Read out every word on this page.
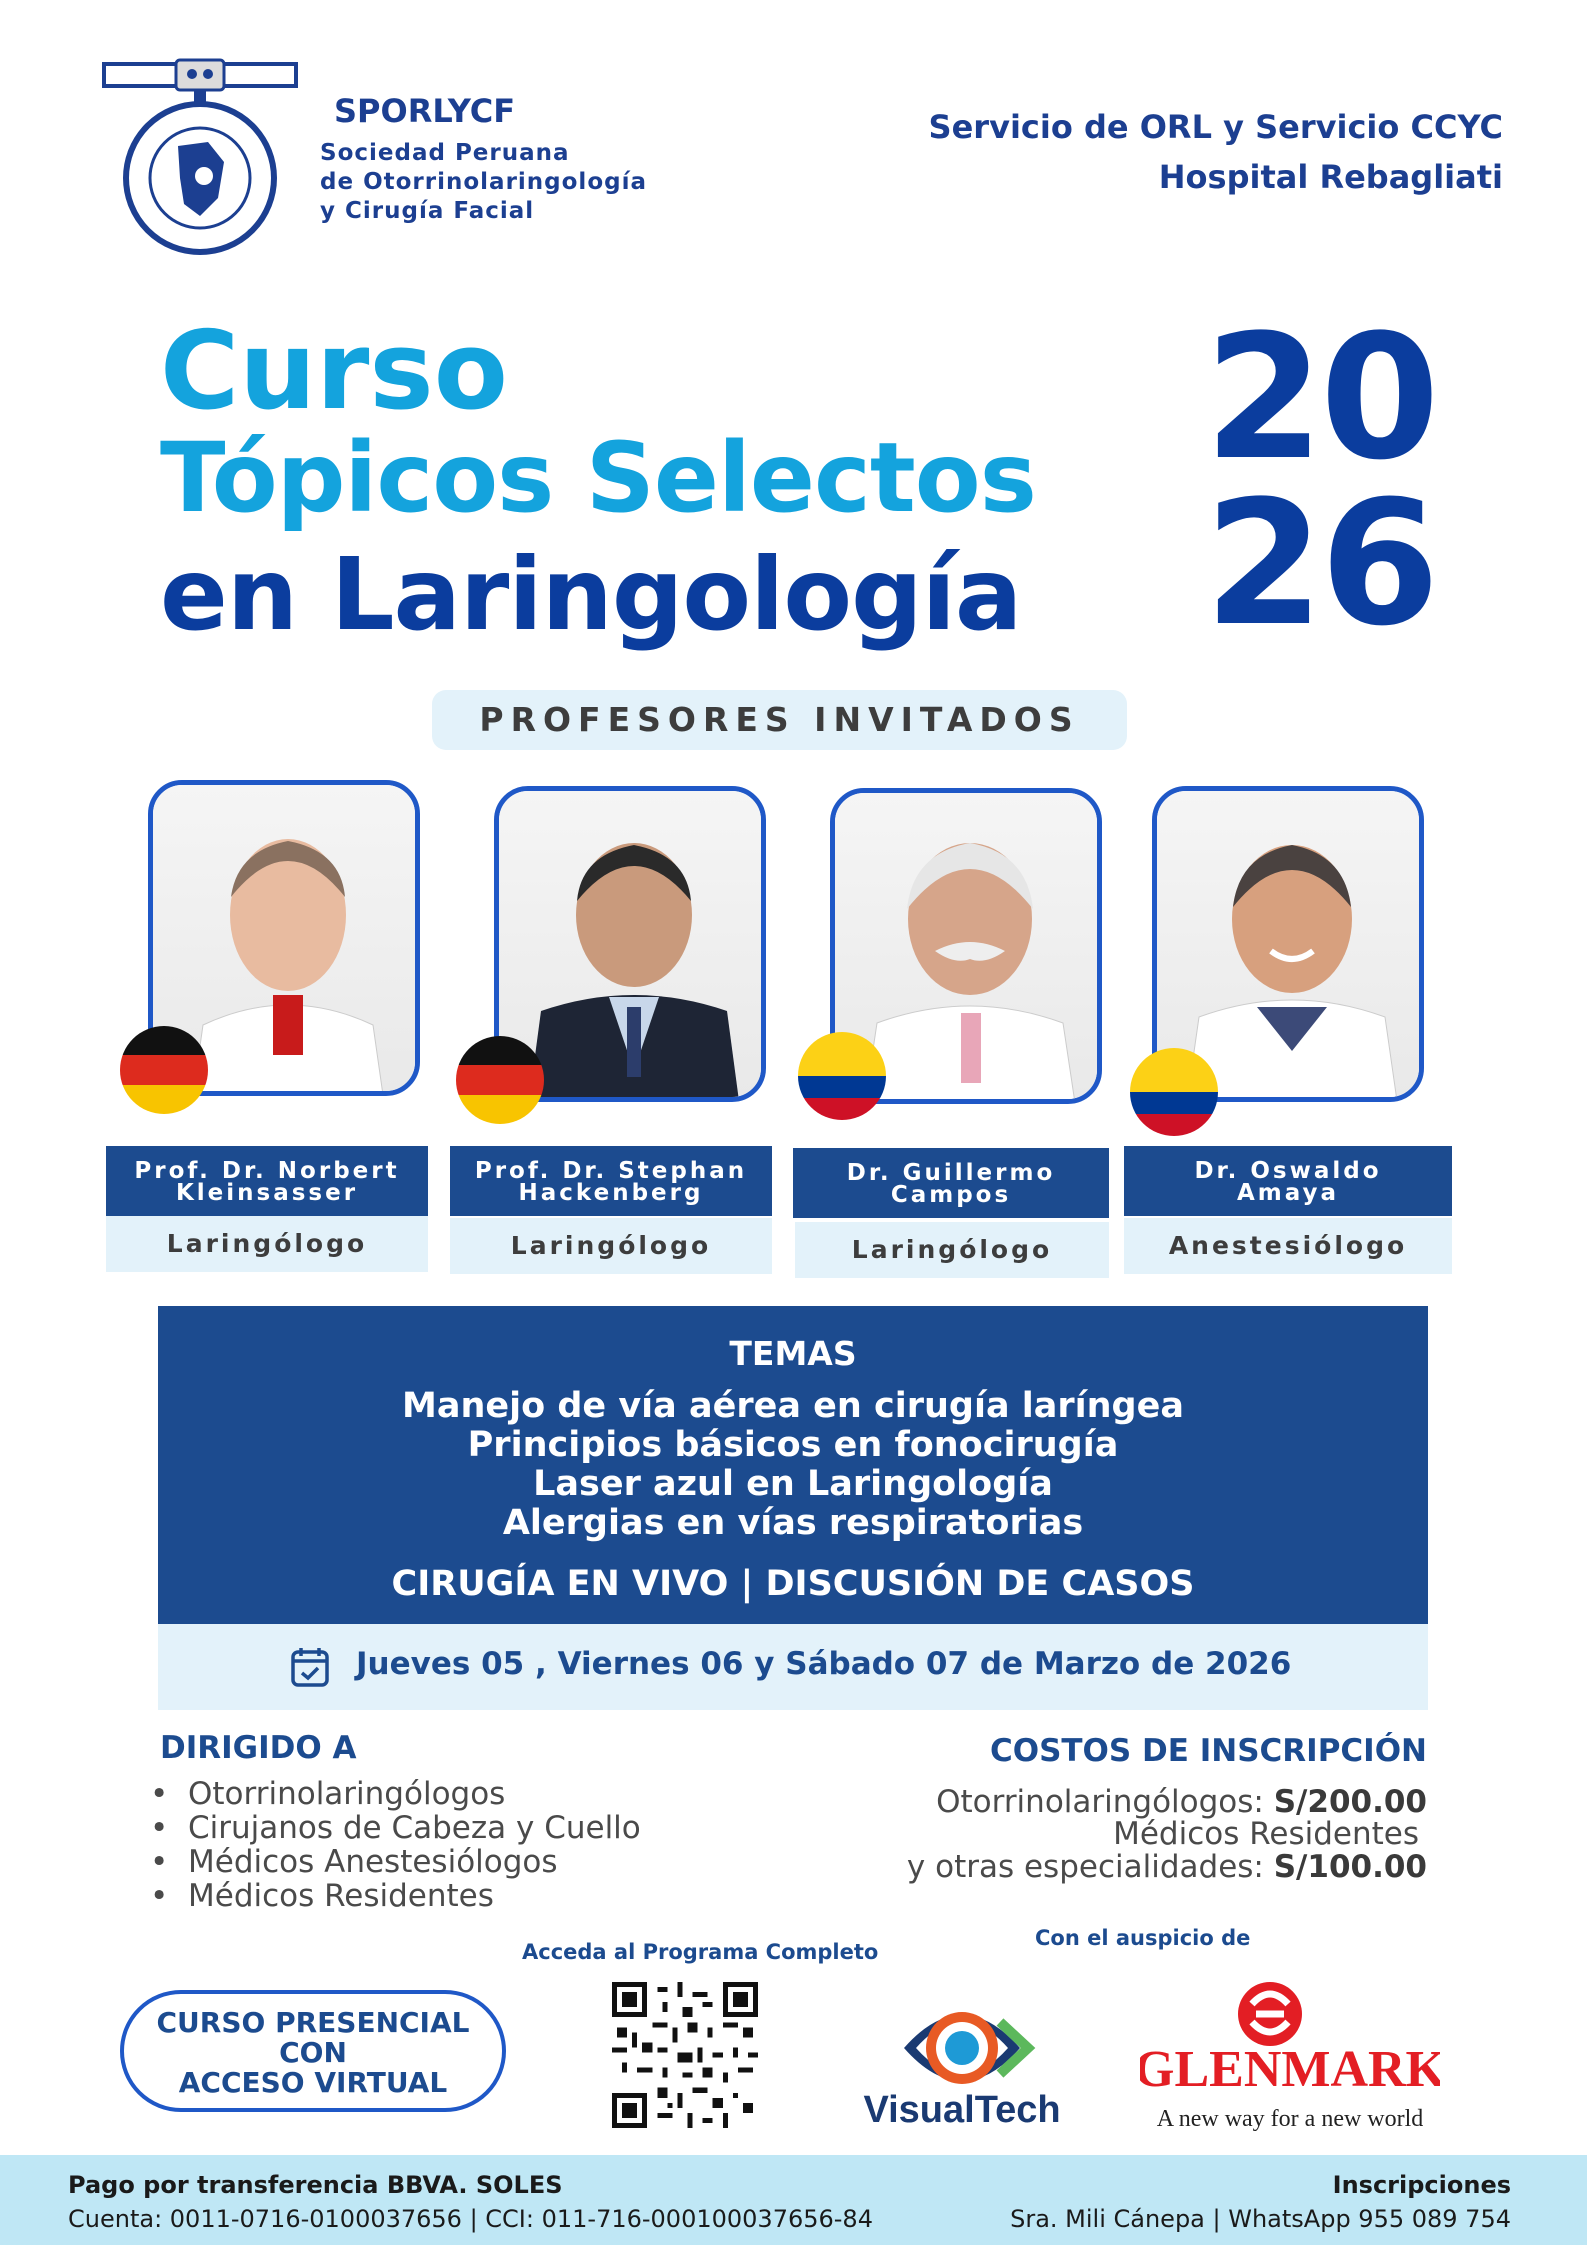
SPORLYCF
Sociedad Peruana
de Otorrinolaringología
y Cirugía Facial
Servicio de ORL y Servicio CCYC
Hospital Rebagliati
Curso
Tópicos Selectos
en Laringología
20
26
PROFESORES INVITADOS
Prof. Dr. Norbert
Kleinsasser
Laringólogo
Prof. Dr. Stephan
Hackenberg
Laringólogo
Dr. Guillermo
Campos
Laringólogo
Dr. Oswaldo
Amaya
Anestesiólogo
TEMAS
Manejo de vía aérea en cirugía laríngea
Principios básicos en fonocirugía
Laser azul en Laringología
Alergias en vías respiratorias
CIRUGÍA EN VIVO | DISCUSIÓN DE CASOS
Jueves 05 , Viernes 06 y Sábado 07 de Marzo de 2026
DIRIGIDO A
•  Otorrinolaringólogos
•  Cirujanos de Cabeza y Cuello
•  Médicos Anestesiólogos
•  Médicos Residentes
COSTOS DE INSCRIPCIÓN
Otorrinolaringólogos: S/200.00
Médicos Residentes
y otras especialidades: S/100.00
Acceda al Programa Completo
Con el auspicio de
CURSO PRESENCIAL
CON
ACCESO VIRTUAL
VisualTech
GLENMARK
A new way for a new world
Pago por transferencia BBVA. SOLES
Cuenta: 0011-0716-0100037656 | CCI: 011-716-000100037656-84
Inscripciones
Sra. Mili Cánepa | WhatsApp 955 089 754
